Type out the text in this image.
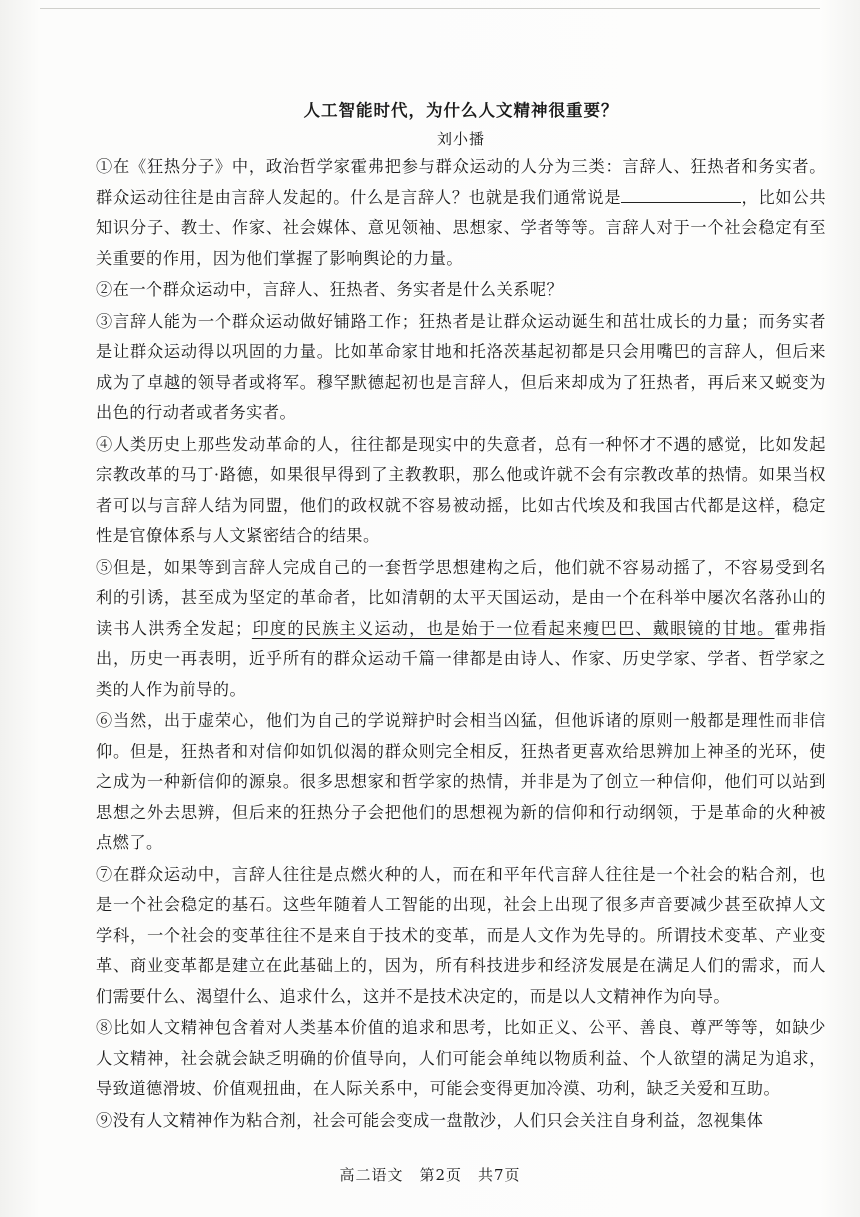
人工智能时代，为什么人文精神很重要？
刘小播

①在《狂热分子》中，政治哲学家霍弗把参与群众运动的人分为三类：言辞人、狂热者和务实者。群众运动往往是由言辞人发起的。什么是言辞人？也就是我们通常说是	，比如公共知识分子、教士、作家、社会媒体、意见领袖、思想家、学者等等。言辞人对于一个社会稳定有至关重要的作用，因为他们掌握了影响舆论的力量。

②在一个群众运动中，言辞人、狂热者、务实者是什么关系呢？

③言辞人能为一个群众运动做好铺路工作；狂热者是让群众运动诞生和茁壮成长的力量；而务实者是让群众运动得以巩固的力量。比如革命家甘地和托洛茨基起初都是只会用嘴巴的言辞人，但后来成为了卓越的领导者或将军。穆罕默德起初也是言辞人，但后来却成为了狂热者，再后来又蜕变为出色的行动者或者务实者。

④人类历史上那些发动革命的人，往往都是现实中的失意者，总有一种怀才不遇的感觉，比如发起宗教改革的马丁·路德，如果很早得到了主教教职，那么他或许就不会有宗教改革的热情。如果当权者可以与言辞人结为同盟，他们的政权就不容易被动摇，比如古代埃及和我国古代都是这样，稳定性是官僚体系与人文紧密结合的结果。

⑤但是，如果等到言辞人完成自己的一套哲学思想建构之后，他们就不容易动摇了，不容易受到名利的引诱，甚至成为坚定的革命者，比如清朝的太平天国运动，是由一个在科举中屡次名落孙山的读书人洪秀全发起；印度的民族主义运动，也是始于一位看起来瘦巴巴、戴眼镜的甘地。霍弗指出，历史一再表明，近乎所有的群众运动千篇一律都是由诗人、作家、历史学家、学者、哲学家之类的人作为前导的。

⑥当然，出于虚荣心，他们为自己的学说辩护时会相当凶猛，但他诉诸的原则一般都是理性而非信仰。但是，狂热者和对信仰如饥似渴的群众则完全相反，狂热者更喜欢给思辨加上神圣的光环，使之成为一种新信仰的源泉。很多思想家和哲学家的热情，并非是为了创立一种信仰，他们可以站到思想之外去思辨，但后来的狂热分子会把他们的思想视为新的信仰和行动纲领，于是革命的火种被点燃了。

⑦在群众运动中，言辞人往往是点燃火种的人，而在和平年代言辞人往往是一个社会的粘合剂，也是一个社会稳定的基石。这些年随着人工智能的出现，社会上出现了很多声音要减少甚至砍掉人文学科，一个社会的变革往往不是来自于技术的变革，而是人文作为先导的。所谓技术变革、产业变革、商业变革都是建立在此基础上的，因为，所有科技进步和经济发展是在满足人们的需求，而人们需要什么、渴望什么、追求什么，这并不是技术决定的，而是以人文精神作为向导。

⑧比如人文精神包含着对人类基本价值的追求和思考，比如正义、公平、善良、尊严等等，如缺少人文精神，社会就会缺乏明确的价值导向，人们可能会单纯以物质利益、个人欲望的满足为追求，导致道德滑坡、价值观扭曲，在人际关系中，可能会变得更加冷漠、功利，缺乏关爱和互助。

⑨没有人文精神作为粘合剂，社会可能会变成一盘散沙，人们只会关注自身利益，忽视集体

高二语文　第2页　共7页
